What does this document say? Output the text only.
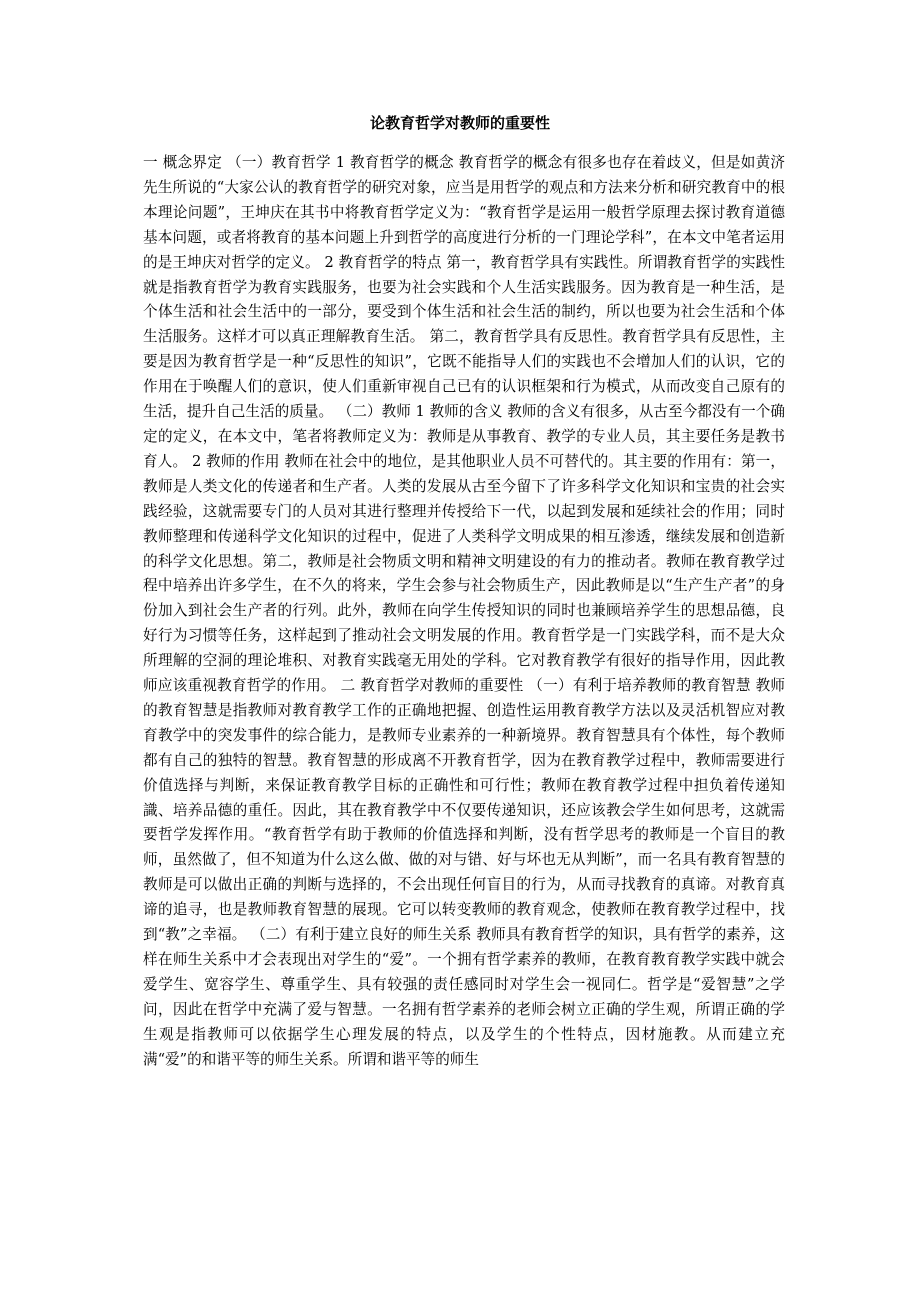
论教育哲学对教师的重要性

一 概念界定 （一）教育哲学 1 教育哲学的概念 教育哲学的概念有很多也存在着歧义，但是如黄济先生所说的“大家公认的教育哲学的研究对象，应当是用哲学的观点和方法来分析和研究教育中的根本理论问题”，王坤庆在其书中将教育哲学定义为：“教育哲学是运用一般哲学原理去探讨教育道德基本问题，或者将教育的基本问题上升到哲学的高度进行分析的一门理论学科”，在本文中笔者运用的是王坤庆对哲学的定义。 2 教育哲学的特点 第一，教育哲学具有实践性。所谓教育哲学的实践性就是指教育哲学为教育实践服务，也要为社会实践和个人生活实践服务。因为教育是一种生活，是个体生活和社会生活中的一部分，要受到个体生活和社会生活的制约，所以也要为社会生活和个体生活服务。这样才可以真正理解教育生活。 第二，教育哲学具有反思性。教育哲学具有反思性，主要是因为教育哲学是一种“反思性的知识”，它既不能指导人们的实践也不会增加人们的认识，它的作用在于唤醒人们的意识，使人们重新审视自己已有的认识框架和行为模式，从而改变自己原有的生活，提升自己生活的质量。 （二）教师 1 教师的含义 教师的含义有很多，从古至今都没有一个确定的定义，在本文中，笔者将教师定义为：教师是从事教育、教学的专业人员，其主要任务是教书育人。 2 教师的作用 教师在社会中的地位，是其他职业人员不可替代的。其主要的作用有：第一，教师是人类文化的传递者和生产者。人类的发展从古至今留下了许多科学文化知识和宝贵的社会实践经验，这就需要专门的人员对其进行整理并传授给下一代，以起到发展和延续社会的作用；同时教师整理和传递科学文化知识的过程中，促进了人类科学文明成果的相互渗透，继续发展和创造新的科学文化思想。第二，教师是社会物质文明和精神文明建设的有力的推动者。教师在教育教学过程中培养出许多学生，在不久的将来，学生会参与社会物质生产，因此教师是以“生产生产者”的身份加入到社会生产者的行列。此外，教师在向学生传授知识的同时也兼顾培养学生的思想品德，良好行为习惯等任务，这样起到了推动社会文明发展的作用。教育哲学是一门实践学科，而不是大众所理解的空洞的理论堆积、对教育实践毫无用处的学科。它对教育教学有很好的指导作用，因此教师应该重视教育哲学的作用。 二 教育哲学对教师的重要性 （一）有利于培养教师的教育智慧 教师的教育智慧是指教师对教育教学工作的正确地把握、创造性运用教育教学方法以及灵活机智应对教育教学中的突发事件的综合能力，是教师专业素养的一种新境界。教育智慧具有个体性，每个教师都有自己的独特的智慧。教育智慧的形成离不开教育哲学，因为在教育教学过程中，教师需要进行价值选择与判断，来保证教育教学目标的正确性和可行性；教师在教育教学过程中担负着传递知識、培养品德的重任。因此，其在教育教学中不仅要传递知识，还应该教会学生如何思考，这就需要哲学发挥作用。“教育哲学有助于教师的价值选择和判断，没有哲学思考的教师是一个盲目的教师，虽然做了，但不知道为什么这么做、做的对与错、好与坏也无从判断”，而一名具有教育智慧的教师是可以做出正确的判断与选择的，不会出现任何盲目的行为，从而寻找教育的真谛。对教育真谛的追寻，也是教师教育智慧的展现。它可以转变教师的教育观念，使教师在教育教学过程中，找到“教”之幸福。 （二）有利于建立良好的师生关系 教师具有教育哲学的知识，具有哲学的素养，这样在师生关系中才会表现出对学生的“爱”。一个拥有哲学素养的教师，在教育教育教学实践中就会爱学生、宽容学生、尊重学生、具有较强的责任感同时对学生会一视同仁。哲学是“爱智慧”之学问，因此在哲学中充满了爱与智慧。一名拥有哲学素养的老师会树立正确的学生观，所谓正确的学生观是指教师可以依据学生心理发展的特点，以及学生的个性特点，因材施教。从而建立充满“爱”的和谐平等的师生关系。所谓和谐平等的师生
